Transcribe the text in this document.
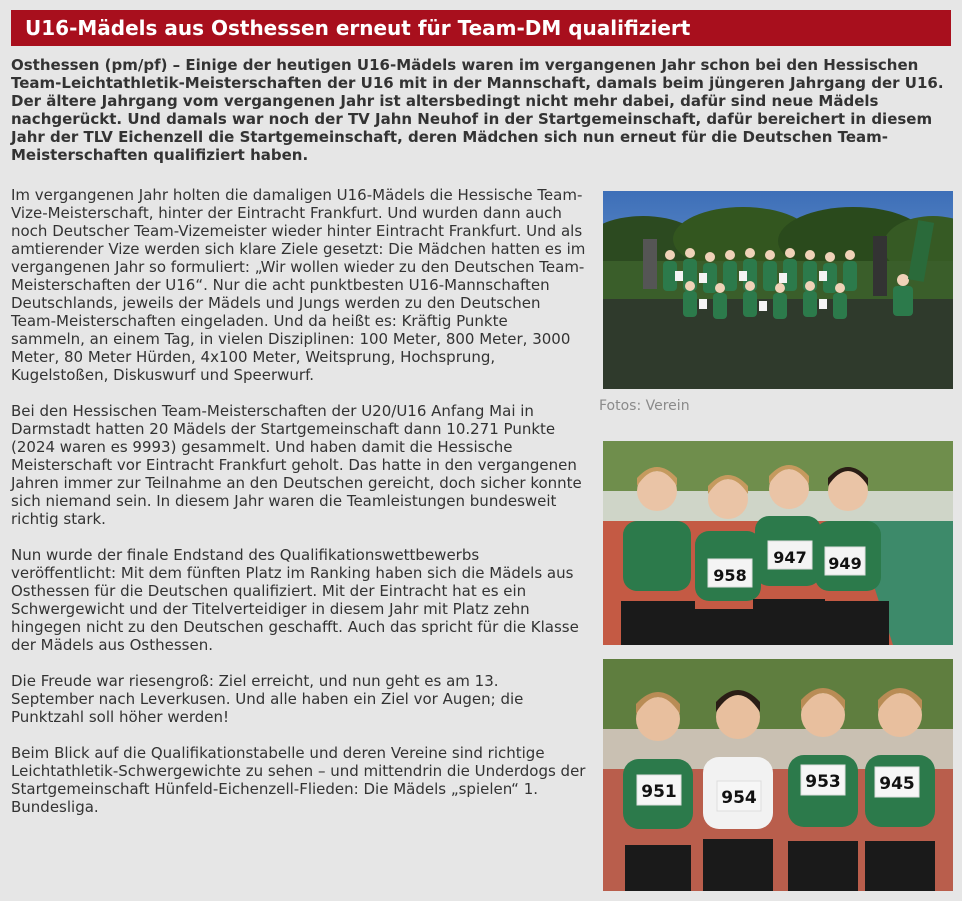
U16-Mädels aus Osthessen erneut für Team-DM qualifiziert

Osthessen (pm/pf) – Einige der heutigen U16-Mädels waren im vergangenen Jahr schon bei den Hessischen Team-Leichtathletik-Meisterschaften der U16 mit in der Mannschaft, damals beim jüngeren Jahrgang der U16. Der ältere Jahrgang vom vergangenen Jahr ist altersbedingt nicht mehr dabei, dafür sind neue Mädels nachgerückt. Und damals war noch der TV Jahn Neuhof in der Startgemeinschaft, dafür bereichert in diesem Jahr der TLV Eichenzell die Startgemeinschaft, deren Mädchen sich nun erneut für die Deutschen Team-Meisterschaften qualifiziert haben.

Im vergangenen Jahr holten die damaligen U16-Mädels die Hessische Team-Vize-Meisterschaft, hinter der Eintracht Frankfurt. Und wurden dann auch noch Deutscher Team-Vizemeister wieder hinter Eintracht Frankfurt. Und als amtierender Vize werden sich klare Ziele gesetzt: Die Mädchen hatten es im vergangenen Jahr so formuliert: „Wir wollen wieder zu den Deutschen Team-Meisterschaften der U16“. Nur die acht punktbesten U16-Mannschaften Deutschlands, jeweils der Mädels und Jungs werden zu den Deutschen Team-Meisterschaften eingeladen. Und da heißt es: Kräftig Punkte sammeln, an einem Tag, in vielen Disziplinen: 100 Meter, 800 Meter, 3000 Meter, 80 Meter Hürden, 4x100 Meter, Weitsprung, Hochsprung, Kugelstoßen, Diskuswurf und Speerwurf.

Bei den Hessischen Team-Meisterschaften der U20/U16 Anfang Mai in Darmstadt hatten 20 Mädels der Startgemeinschaft dann 10.271 Punkte (2024 waren es 9993) gesammelt. Und haben damit die Hessische Meisterschaft vor Eintracht Frankfurt geholt. Das hatte in den vergangenen Jahren immer zur Teilnahme an den Deutschen gereicht, doch sicher konnte sich niemand sein. In diesem Jahr waren die Teamleistungen bundesweit richtig stark.

Nun wurde der finale Endstand des Qualifikationswettbewerbs veröffentlicht: Mit dem fünften Platz im Ranking haben sich die Mädels aus Osthessen für die Deutschen qualifiziert. Mit der Eintracht hat es ein Schwergewicht und der Titelverteidiger in diesem Jahr mit Platz zehn hingegen nicht zu den Deutschen geschafft. Auch das spricht für die Klasse der Mädels aus Osthessen.

Die Freude war riesengroß: Ziel erreicht, und nun geht es am 13. September nach Leverkusen. Und alle haben ein Ziel vor Augen; die Punktzahl soll höher werden!

Beim Blick auf die Qualifikationstabelle und deren Vereine sind richtige Leichtathletik-Schwergewichte zu sehen – und mittendrin die Underdogs der Startgemeinschaft Hünfeld-Eichenzell-Flieden: Die Mädels „spielen“ 1. Bundesliga.

Fotos: Verein
958
947 949
951	954
953 945
